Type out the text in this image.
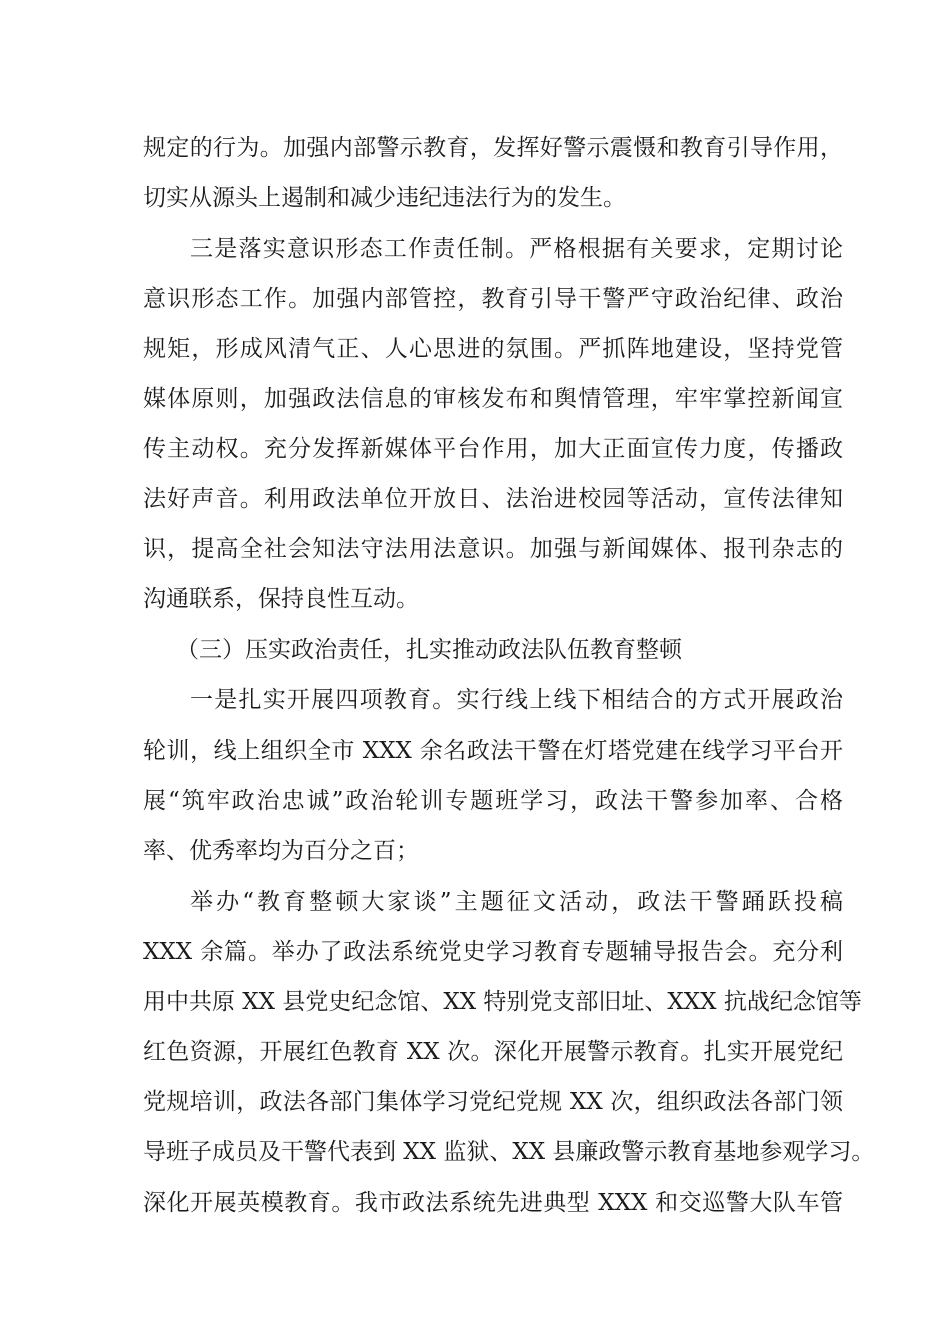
规定的行为。加强内部警示教育，发挥好警示震慑和教育引导作用，
切实从源头上遏制和减少违纪违法行为的发生。
三是落实意识形态工作责任制。严格根据有关要求，定期讨论
意识形态工作。加强内部管控，教育引导干警严守政治纪律、政治
规矩，形成风清气正、人心思进的氛围。严抓阵地建设，坚持党管
媒体原则，加强政法信息的审核发布和舆情管理，牢牢掌控新闻宣
传主动权。充分发挥新媒体平台作用，加大正面宣传力度，传播政
法好声音。利用政法单位开放日、法治进校园等活动，宣传法律知
识，提高全社会知法守法用法意识。加强与新闻媒体、报刊杂志的
沟通联系，保持良性互动。
（三）压实政治责任，扎实推动政法队伍教育整顿
一是扎实开展四项教育。实行线上线下相结合的方式开展政治
轮训，线上组织全市 XXX 余名政法干警在灯塔党建在线学习平台开
展“筑牢政治忠诚”政治轮训专题班学习，政法干警参加率、合格
率、优秀率均为百分之百；
举办“教育整顿大家谈”主题征文活动，政法干警踊跃投稿
XXX 余篇。举办了政法系统党史学习教育专题辅导报告会。充分利
用中共原 XX 县党史纪念馆、XX 特别党支部旧址、XXX 抗战纪念馆等
红色资源，开展红色教育 XX 次。深化开展警示教育。扎实开展党纪
党规培训，政法各部门集体学习党纪党规 XX 次，组织政法各部门领
导班子成员及干警代表到 XX 监狱、XX 县廉政警示教育基地参观学习。
深化开展英模教育。我市政法系统先进典型 XXX 和交巡警大队车管
